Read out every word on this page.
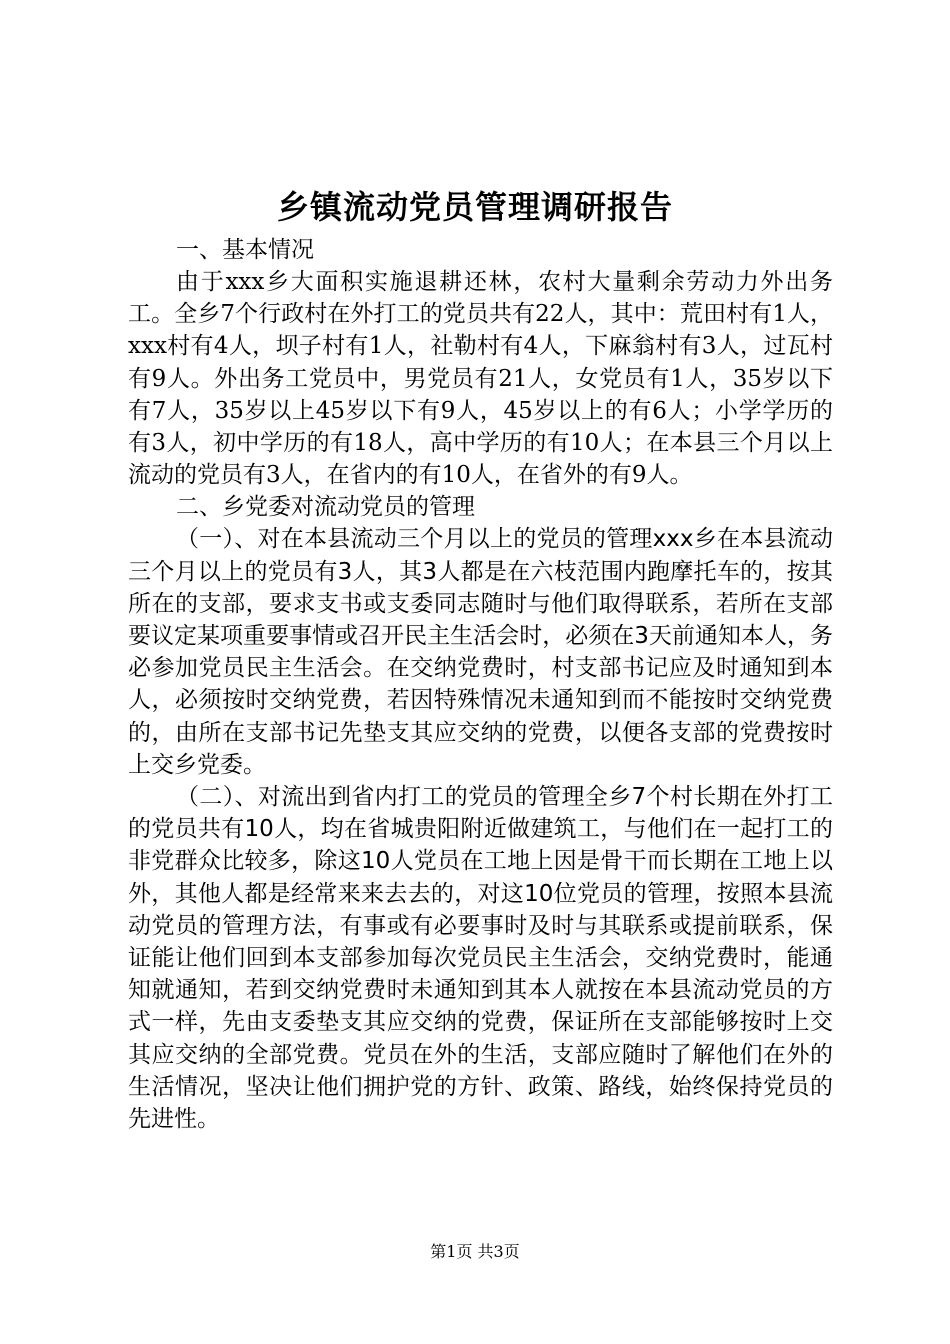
乡镇流动党员管理调研报告

一、基本情况

由于xxx乡大面积实施退耕还林，农村大量剩余劳动力外出务工。全乡7个行政村在外打工的党员共有22人，其中：荒田村有1人，xxx村有4人，坝子村有1人，社勒村有4人，下麻翁村有3人，过瓦村有9人。外出务工党员中，男党员有21人，女党员有1人，35岁以下有7人，35岁以上45岁以下有9人，45岁以上的有6人；小学学历的有3人，初中学历的有18人，高中学历的有10人；在本县三个月以上流动的党员有3人，在省内的有10人，在省外的有9人。

二、乡党委对流动党员的管理

（一）、对在本县流动三个月以上的党员的管理xxx乡在本县流动三个月以上的党员有3人，其3人都是在六枝范围内跑摩托车的，按其所在的支部，要求支书或支委同志随时与他们取得联系，若所在支部要议定某项重要事情或召开民主生活会时，必须在3天前通知本人，务必参加党员民主生活会。在交纳党费时，村支部书记应及时通知到本人，必须按时交纳党费，若因特殊情况未通知到而不能按时交纳党费的，由所在支部书记先垫支其应交纳的党费，以便各支部的党费按时上交乡党委。

（二）、对流出到省内打工的党员的管理全乡7个村长期在外打工的党员共有10人，均在省城贵阳附近做建筑工，与他们在一起打工的非党群众比较多，除这10人党员在工地上因是骨干而长期在工地上以外，其他人都是经常来来去去的，对这10位党员的管理，按照本县流动党员的管理方法，有事或有必要事时及时与其联系或提前联系，保证能让他们回到本支部参加每次党员民主生活会，交纳党费时，能通知就通知，若到交纳党费时未通知到其本人就按在本县流动党员的方式一样，先由支委垫支其应交纳的党费，保证所在支部能够按时上交其应交纳的全部党费。党员在外的生活，支部应随时了解他们在外的生活情况，坚决让他们拥护党的方针、政策、路线，始终保持党员的先进性。

第1页 共3页
